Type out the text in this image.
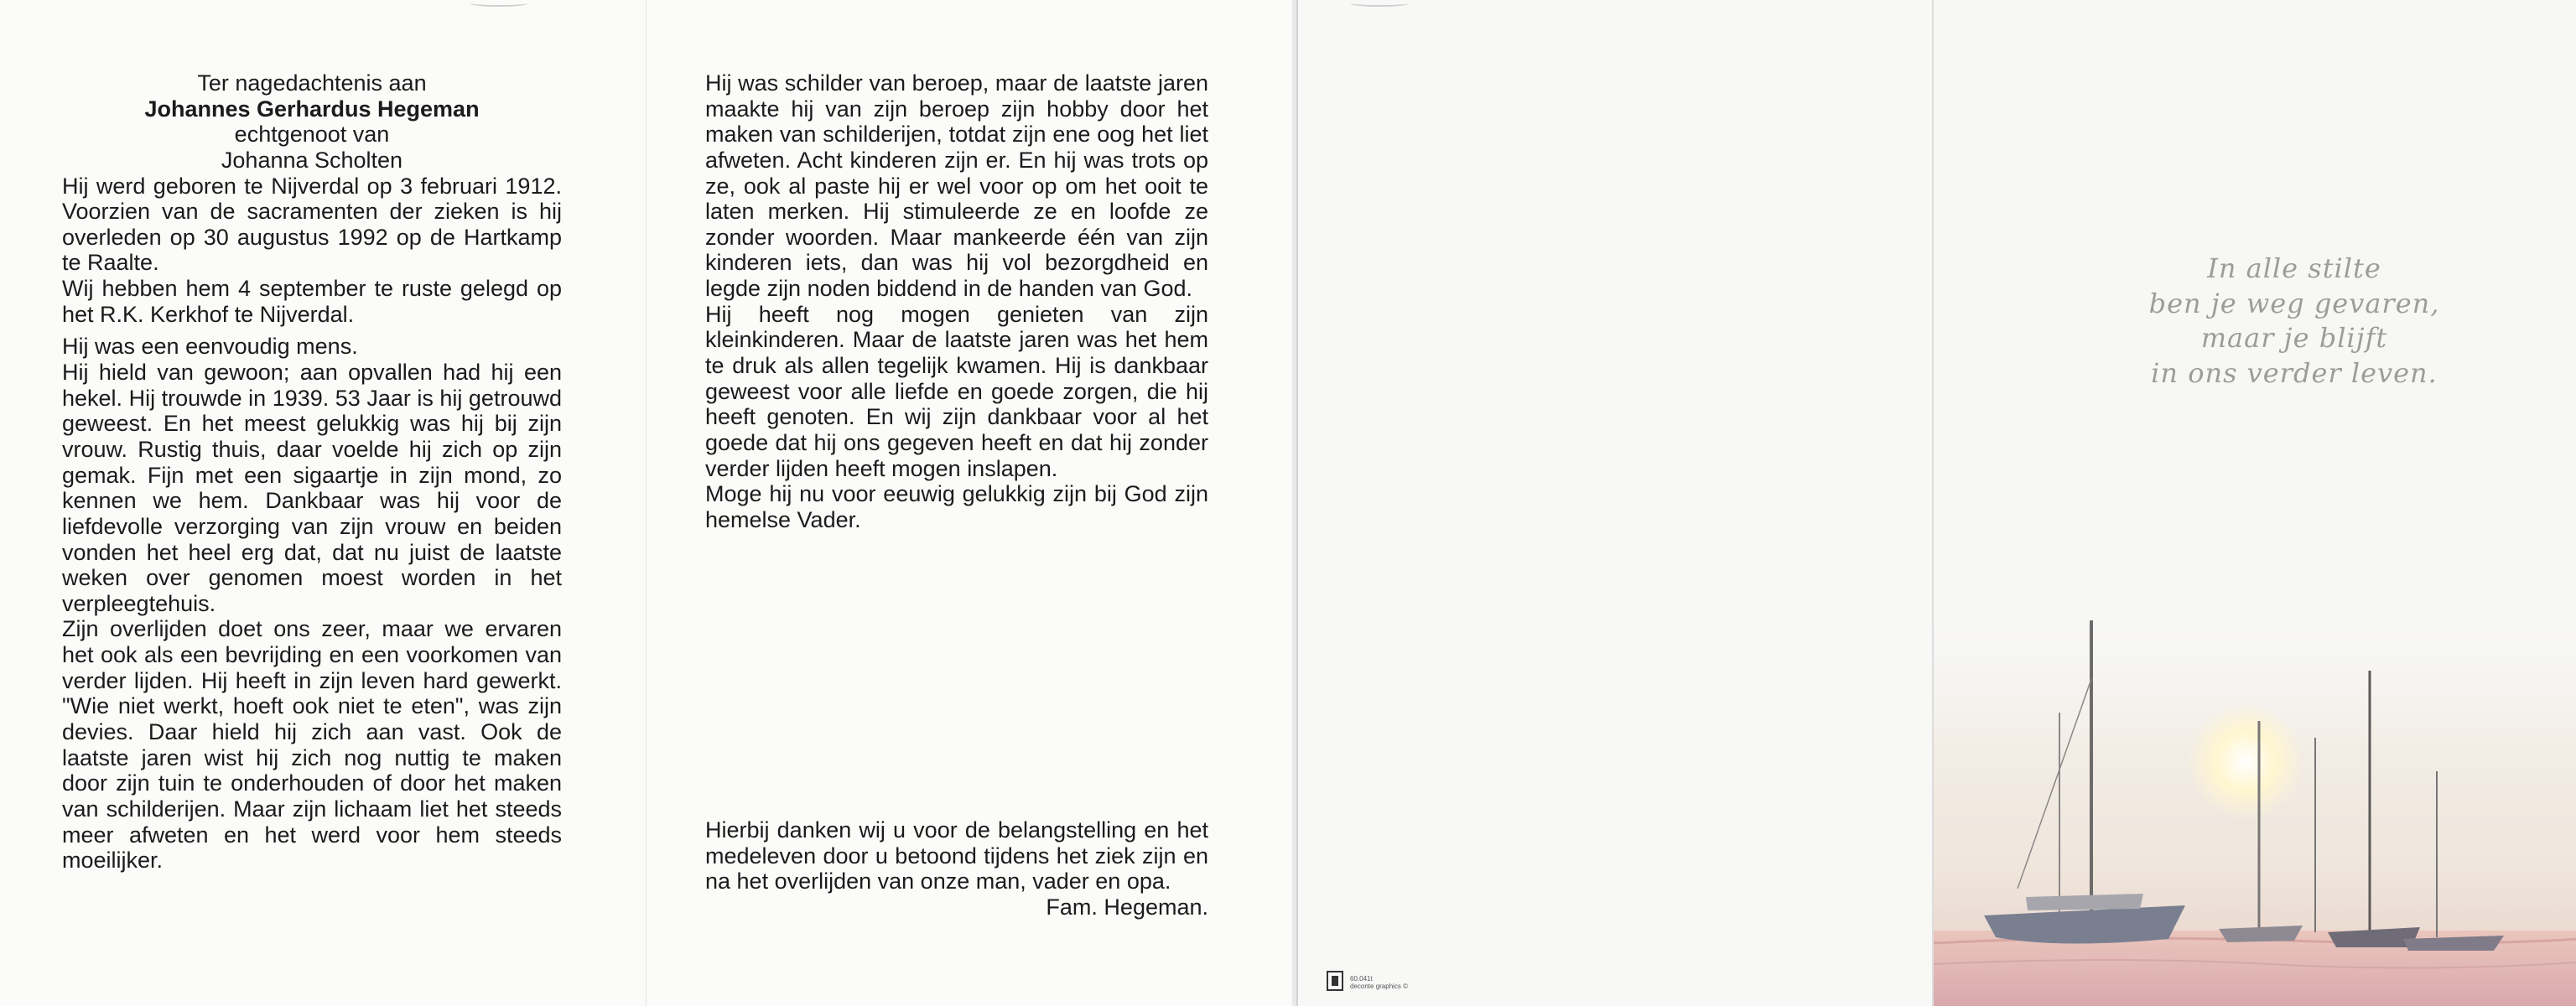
Ter nagedachtenis aan
Johannes Gerhardus Hegeman
echtgenoot van
Johanna Scholten

Hij werd geboren te Nijverdal op 3 februari 1912. Voorzien van de sacramenten der zieken is hij overleden op 30 augustus 1992 op de Hartkamp te Raalte.

Wij hebben hem 4 september te ruste gelegd op het R.K. Kerkhof te Nijverdal.

Hij was een eenvoudig mens.

Hij hield van gewoon; aan opvallen had hij een hekel. Hij trouwde in 1939. 53 Jaar is hij getrouwd geweest. En het meest gelukkig was hij bij zijn vrouw. Rustig thuis, daar voelde hij zich op zijn gemak. Fijn met een sigaartje in zijn mond, zo kennen we hem. Dankbaar was hij voor de liefdevolle verzorging van zijn vrouw en beiden vonden het heel erg dat, dat nu juist de laatste weken over genomen moest worden in het verpleegtehuis.

Zijn overlijden doet ons zeer, maar we ervaren het ook als een bevrijding en een voorkomen van verder lijden. Hij heeft in zijn leven hard gewerkt. "Wie niet werkt, hoeft ook niet te eten", was zijn devies. Daar hield hij zich aan vast. Ook de laatste jaren wist hij zich nog nuttig te maken door zijn tuin te onderhouden of door het maken van schilderijen. Maar zijn lichaam liet het steeds meer afweten en het werd voor hem steeds moeilijker.

Hij was schilder van beroep, maar de laatste jaren maakte hij van zijn beroep zijn hobby door het maken van schilderijen, totdat zijn ene oog het liet afweten. Acht kinderen zijn er. En hij was trots op ze, ook al paste hij er wel voor op om het ooit te laten merken. Hij stimuleerde ze en loofde ze zonder woorden. Maar mankeerde één van zijn kinderen iets, dan was hij vol bezorgdheid en legde zijn noden biddend in de handen van God.

Hij heeft nog mogen genieten van zijn kleinkinderen. Maar de laatste jaren was het hem te druk als allen tegelijk kwamen. Hij is dankbaar geweest voor alle liefde en goede zorgen, die hij heeft genoten. En wij zijn dankbaar voor al het goede dat hij ons gegeven heeft en dat hij zonder verder lijden heeft mogen inslapen.

Moge hij nu voor eeuwig gelukkig zijn bij God zijn hemelse Vader.

Hierbij danken wij u voor de belangstelling en het medeleven door u betoond tijdens het ziek zijn en na het overlijden van onze man, vader en opa.

Fam. Hegeman.
60.041t
deconte graphics ©
In alle stilte
ben je weg gevaren,
maar je blijft
in ons verder leven.
